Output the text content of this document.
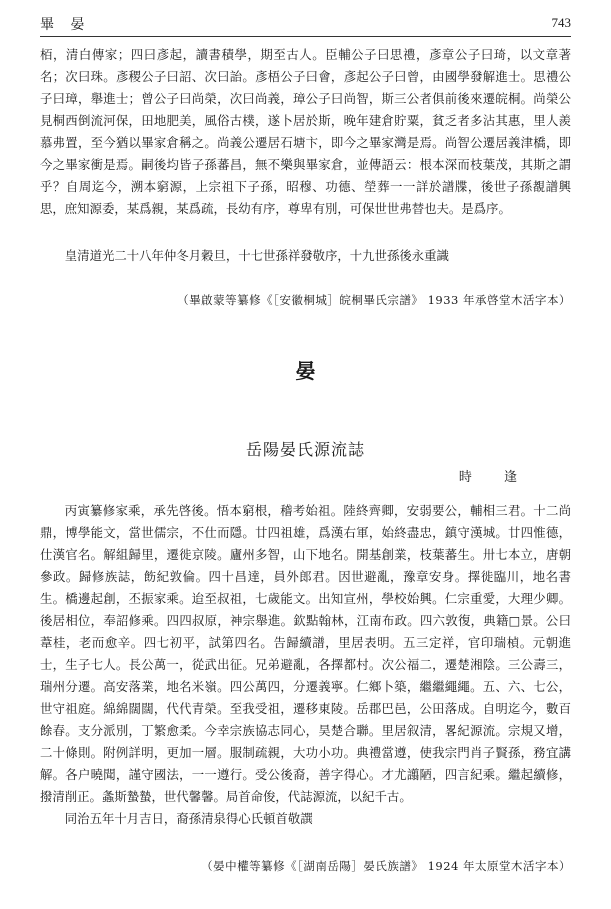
畢 晏	743

栢，清白傳家；四曰彥起，讀書積學，期至古人。臣輔公子曰思禮，彥章公子曰琦，以文章著名；次曰珠。彥稷公子曰詔、次曰詒。彥梧公子曰會，彥起公子曰曾，由國學發解進士。思禮公子曰璋，舉進士；曾公子曰尚榮，次曰尚義，璋公子曰尚智，斯三公者俱前後來遷皖桐。尚榮公見桐西倒流河保，田地肥美，風俗古樸，遂卜居於斯，晚年建倉貯粟，貧乏者多沾其惠，里人羨慕弗置，至今猶以畢家倉稱之。尚義公遷居石塘卞，即今之畢家灣是焉。尚智公遷居義津橋，即今之畢家衝是焉。嗣後均皆子孫蕃昌，無不樂與畢家倉，並傳語云：根本深而枝葉茂，其斯之謂乎？自周迄今，溯本窮源，上宗祖下子孫，昭穆、功德、塋葬一一詳於譜牒，後世子孫覩譜興思，庶知源委，某爲親，某爲疏，長幼有序，尊卑有別，可保世世弗替也夫。是爲序。

皇清道光二十八年仲冬月穀旦，十七世孫祥發敬序，十九世孫後永重識

（畢啟蒙等纂修《［安徽桐城］皖桐畢氏宗譜》 1933 年承啓堂木活字本）
晏
岳陽晏氏源流誌
時 逢

丙寅纂修家乘，承先啓後。悟本窮根，稽考始祖。陸終齊卿，安弱要公，輔相三君。十二尚鼎，博學能文，當世儒宗，不仕而隱。廿四祖雄，爲漢右軍，始終盡忠，鎮守漢城。廿四惟德，仕漢官名。解組歸里，遷徙京陵。廬州多智，山下地名。開基創業，枝葉蕃生。卅七本立，唐朝參政。歸修族誌，飭紀敦倫。四十昌達，員外郎君。因世避亂，豫章安身。擇徙臨川，地名書生。橋邊起創，丕振家乘。迨至叔祖，七歲能文。出知宣州，學校始興。仁宗重愛，大理少卿。後居相位，奉詔修乘。四四叔原，神宗舉進。欽點翰林，江南布政。四六敦復，典籍□景。公曰葦桂，老而愈辛。四七初平，試第四名。告歸續譜，里居表明。五三定祥，官印瑞楨。元朝進士，生子七人。長公萬一，從武出征。兄弟避亂，各擇都村。次公福二，遷楚湘陰。三公壽三，瑞州分遷。高安落業，地名米嶺。四公萬四，分遷義寧。仁鄉卜築，繼繼繩繩。五、六、七公，世守祖庭。綿綿闊闊，代代青榮。至我受祖，遷移東陵。岳郡巴邑，公田落成。自明迄今，數百餘春。支分派別，丁繁愈柔。今幸宗族協志同心，昊楚合聯。里居叙清，畧紀源流。宗規又增，二十條則。附例詳明，更加一層。服制疏親，大功小功。典禮當遵，使我宗門肖子賢孫，務宜講解。各户曉聞，謹守國法，一一遵行。受公後裔，善字得心。才尤譾陋，四言紀乘。繼起續修，撥清削正。螽斯蟄蟄，世代馨馨。局首命俊，代誌源流，以紀千古。

同治五年十月吉日，裔孫清泉得心氏頓首敬譔

（晏中權等纂修《［湖南岳陽］晏氏族譜》 1924 年太原堂木活字本）
